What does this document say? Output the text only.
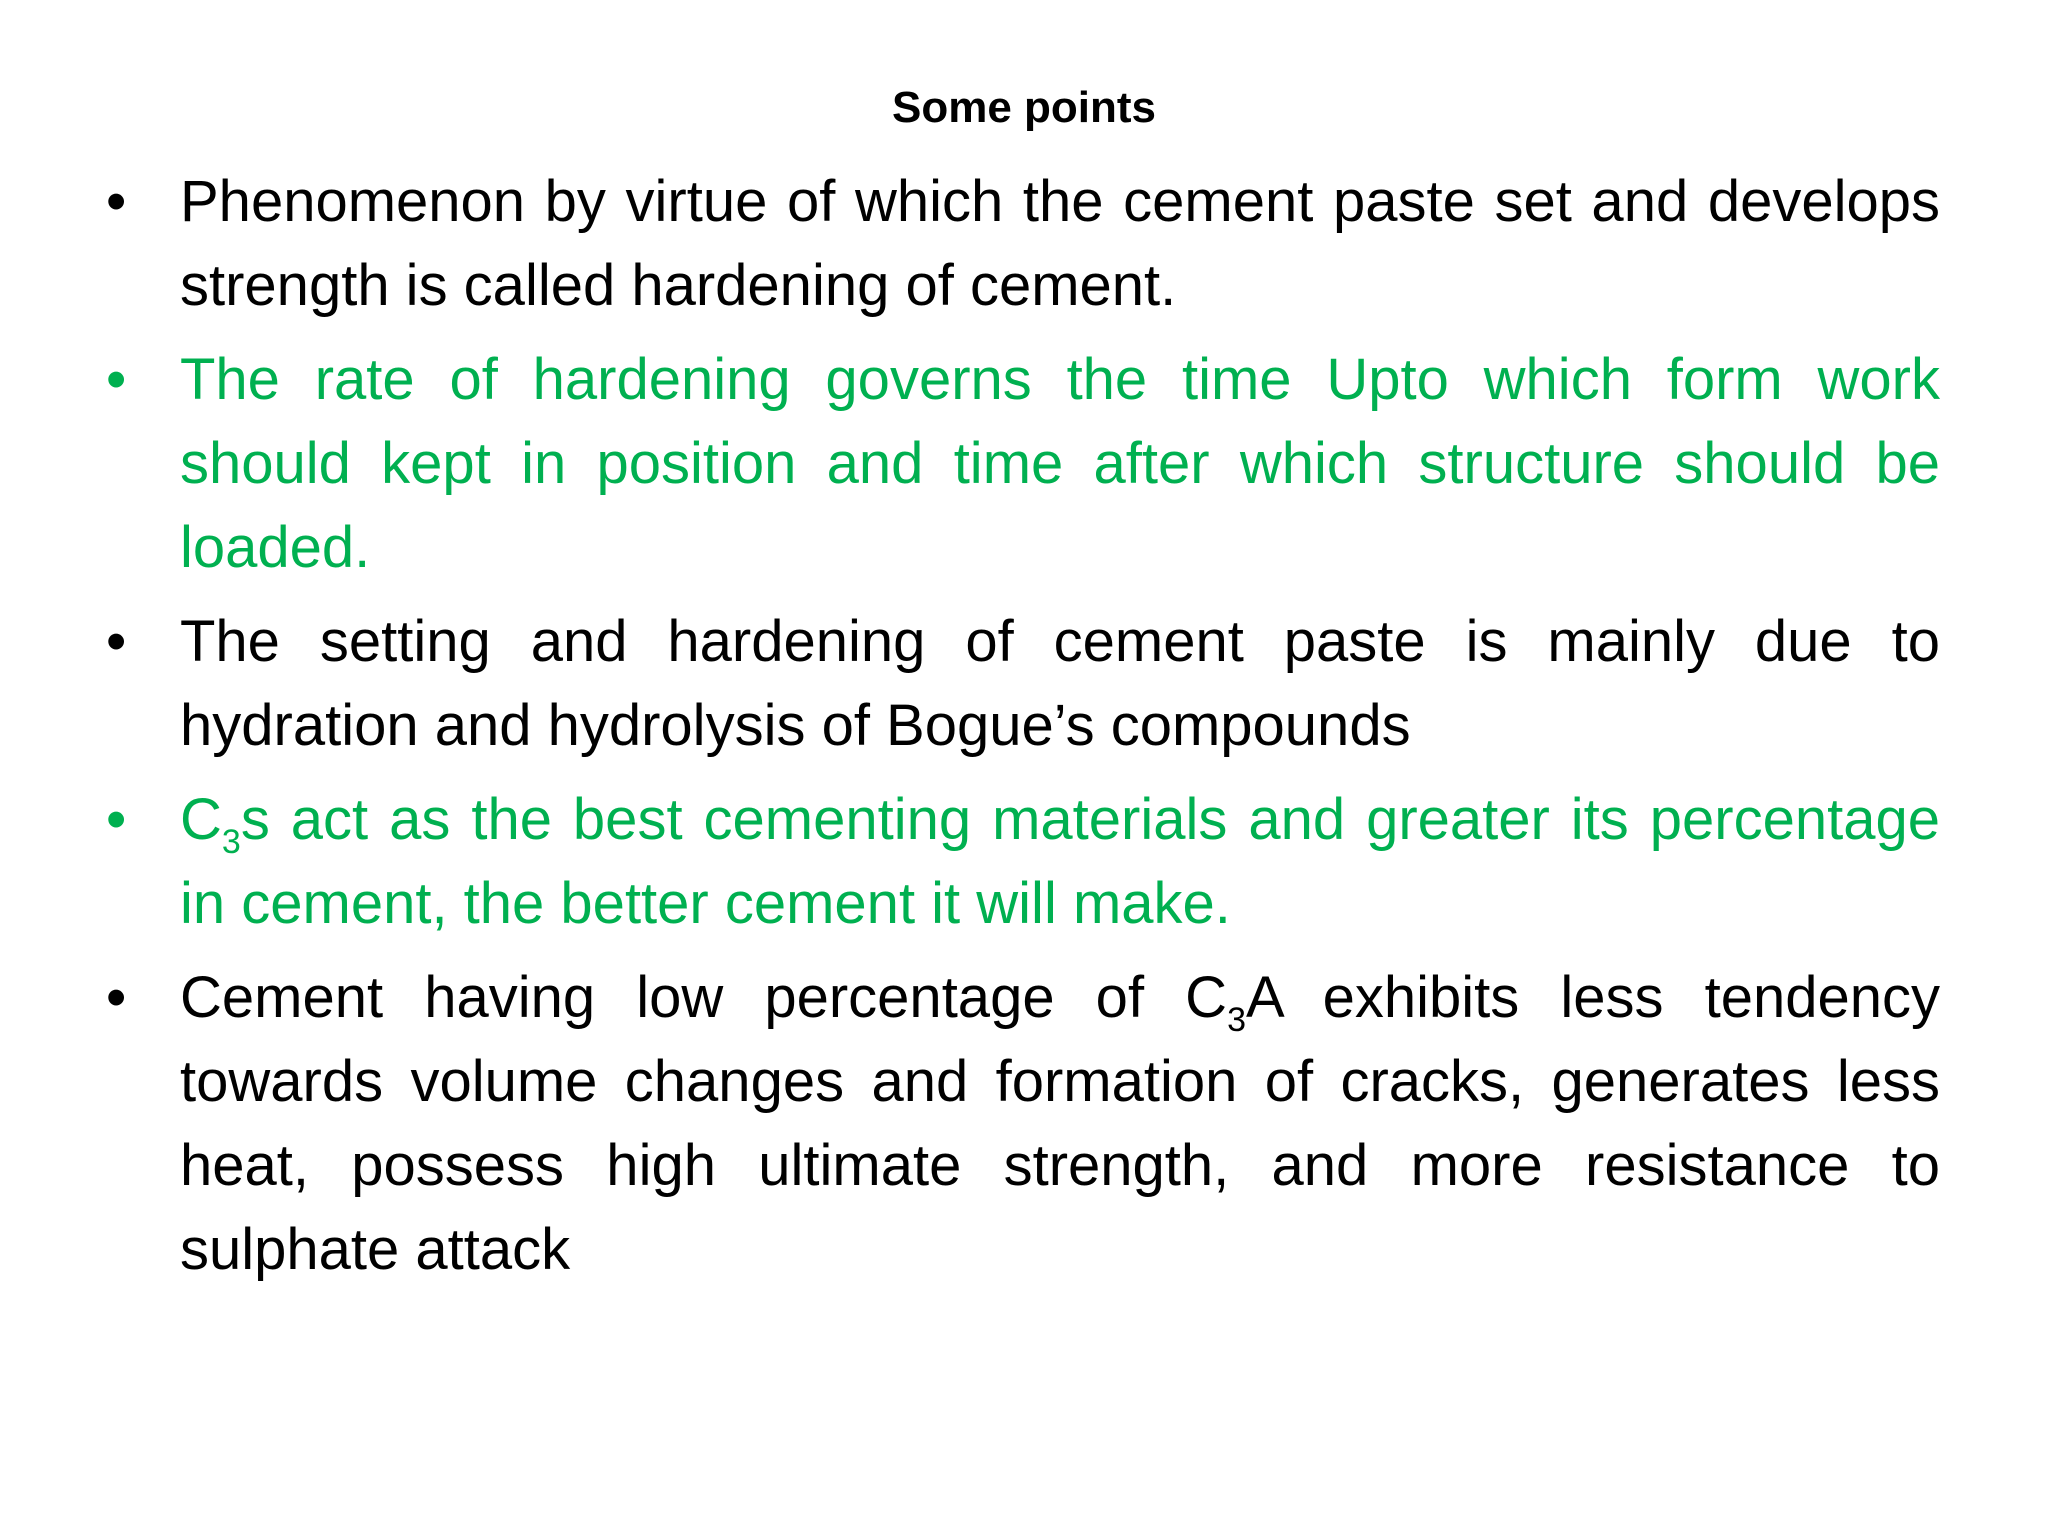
Some points
• Phenomenon by virtue of which the cement paste set and develops strength is called hardening of cement.
• The rate of hardening governs the time Upto which form work should kept in position and time after which structure should be loaded.
• The setting and hardening of cement paste is mainly due to hydration and hydrolysis of Bogue’s compounds
• $C_3s$ act as the best cementing materials and greater its percentage in cement, the better cement it will make.
• Cement having low percentage of $C_3A$ exhibits less tendency towards volume changes and formation of cracks, generates less heat, possess high ultimate strength, and more resistance to sulphate attack
